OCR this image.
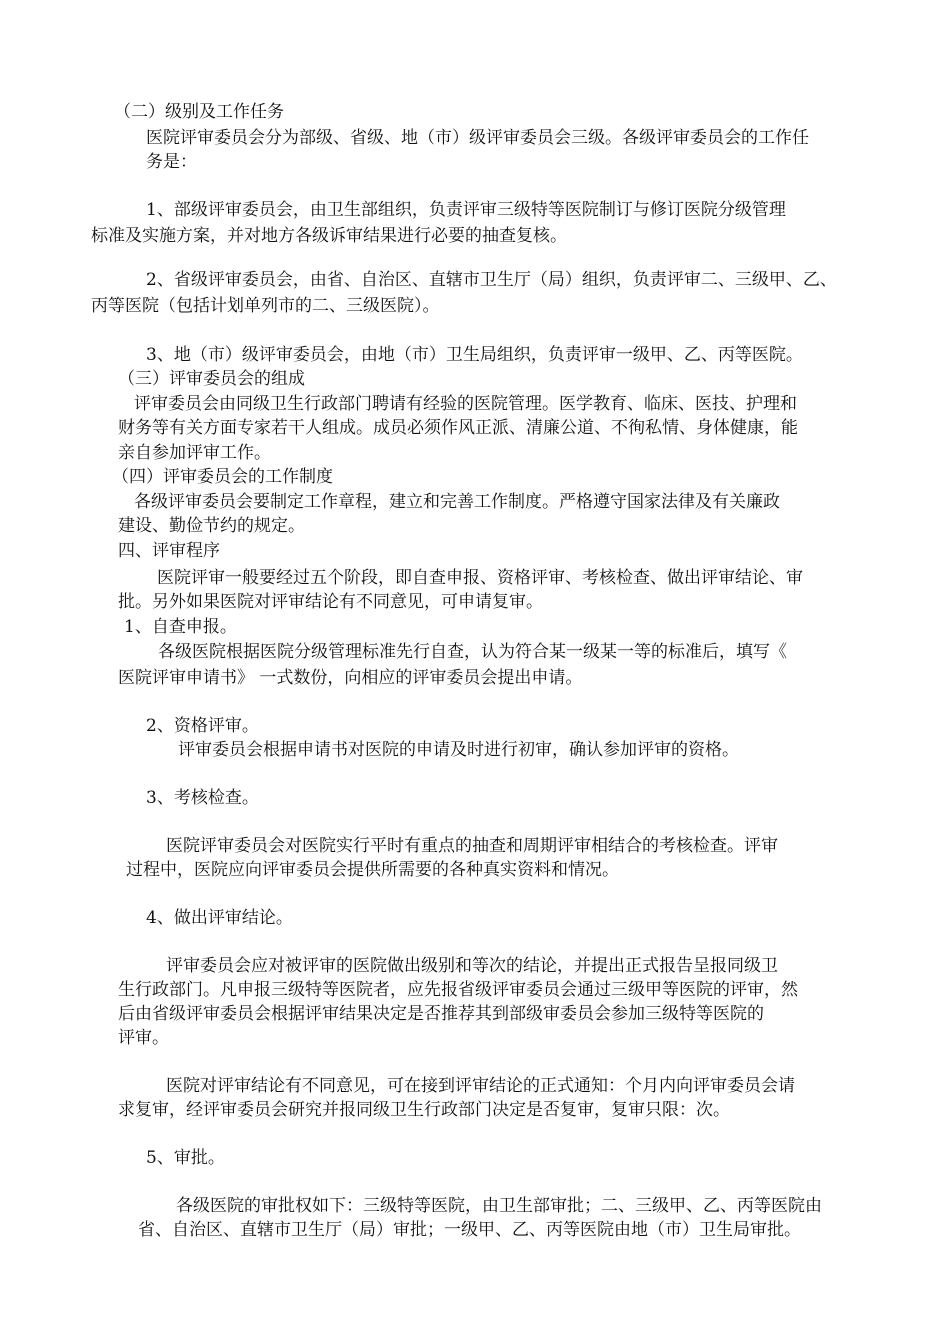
（二）级别及工作任务
医院评审委员会分为部级、省级、地（市）级评审委员会三级。各级评审委员会的工作任
务是：
1、部级评审委员会，由卫生部组织，负责评审三级特等医院制订与修订医院分级管理
标准及实施方案，并对地方各级诉审结果进行必要的抽查复核。
2、省级评审委员会，由省、自治区、直辖市卫生厅（局）组织，负责评审二、三级甲、乙、
丙等医院（包括计划单列市的二、三级医院）。
3、地（市）级评审委员会，由地（市）卫生局组织，负责评审一级甲、乙、丙等医院。
（三）评审委员会的组成
评审委员会由同级卫生行政部门聘请有经验的医院管理。医学教育、临床、医技、护理和
财务等有关方面专家若干人组成。成员必须作风正派、清廉公道、不徇私情、身体健康，能
亲自参加评审工作。
（四）评审委员会的工作制度
各级评审委员会要制定工作章程，建立和完善工作制度。严格遵守国家法律及有关廉政
建设、勤俭节约的规定。
四、评审程序
医院评审一般要经过五个阶段，即自查申报、资格评审、考核检查、做出评审结论、审
批。另外如果医院对评审结论有不同意见，可申请复审。
1、自查申报。
各级医院根据医院分级管理标准先行自查，认为符合某一级某一等的标准后，填写《
医院评审申请书》 一式数份，向相应的评审委员会提出申请。
2、资格评审。
评审委员会根据申请书对医院的申请及时进行初审，确认参加评审的资格。
3、考核检查。
医院评审委员会对医院实行平时有重点的抽查和周期评审相结合的考核检查。评审
过程中，医院应向评审委员会提供所需要的各种真实资料和情况。
4、做出评审结论。
评审委员会应对被评审的医院做出级别和等次的结论，并提出正式报告呈报同级卫
生行政部门。凡申报三级特等医院者，应先报省级评审委员会通过三级甲等医院的评审，然
后由省级评审委员会根据评审结果决定是否推荐其到部级审委员会参加三级特等医院的
评审。
医院对评审结论有不同意见，可在接到评审结论的正式通知：个月内向评审委员会请
求复审，经评审委员会研究并报同级卫生行政部门决定是否复审，复审只限：次。
5、审批。
各级医院的审批权如下：三级特等医院，由卫生部审批；二、三级甲、乙、丙等医院由
省、自治区、直辖市卫生厅（局）审批；一级甲、乙、丙等医院由地（市）卫生局审批。
